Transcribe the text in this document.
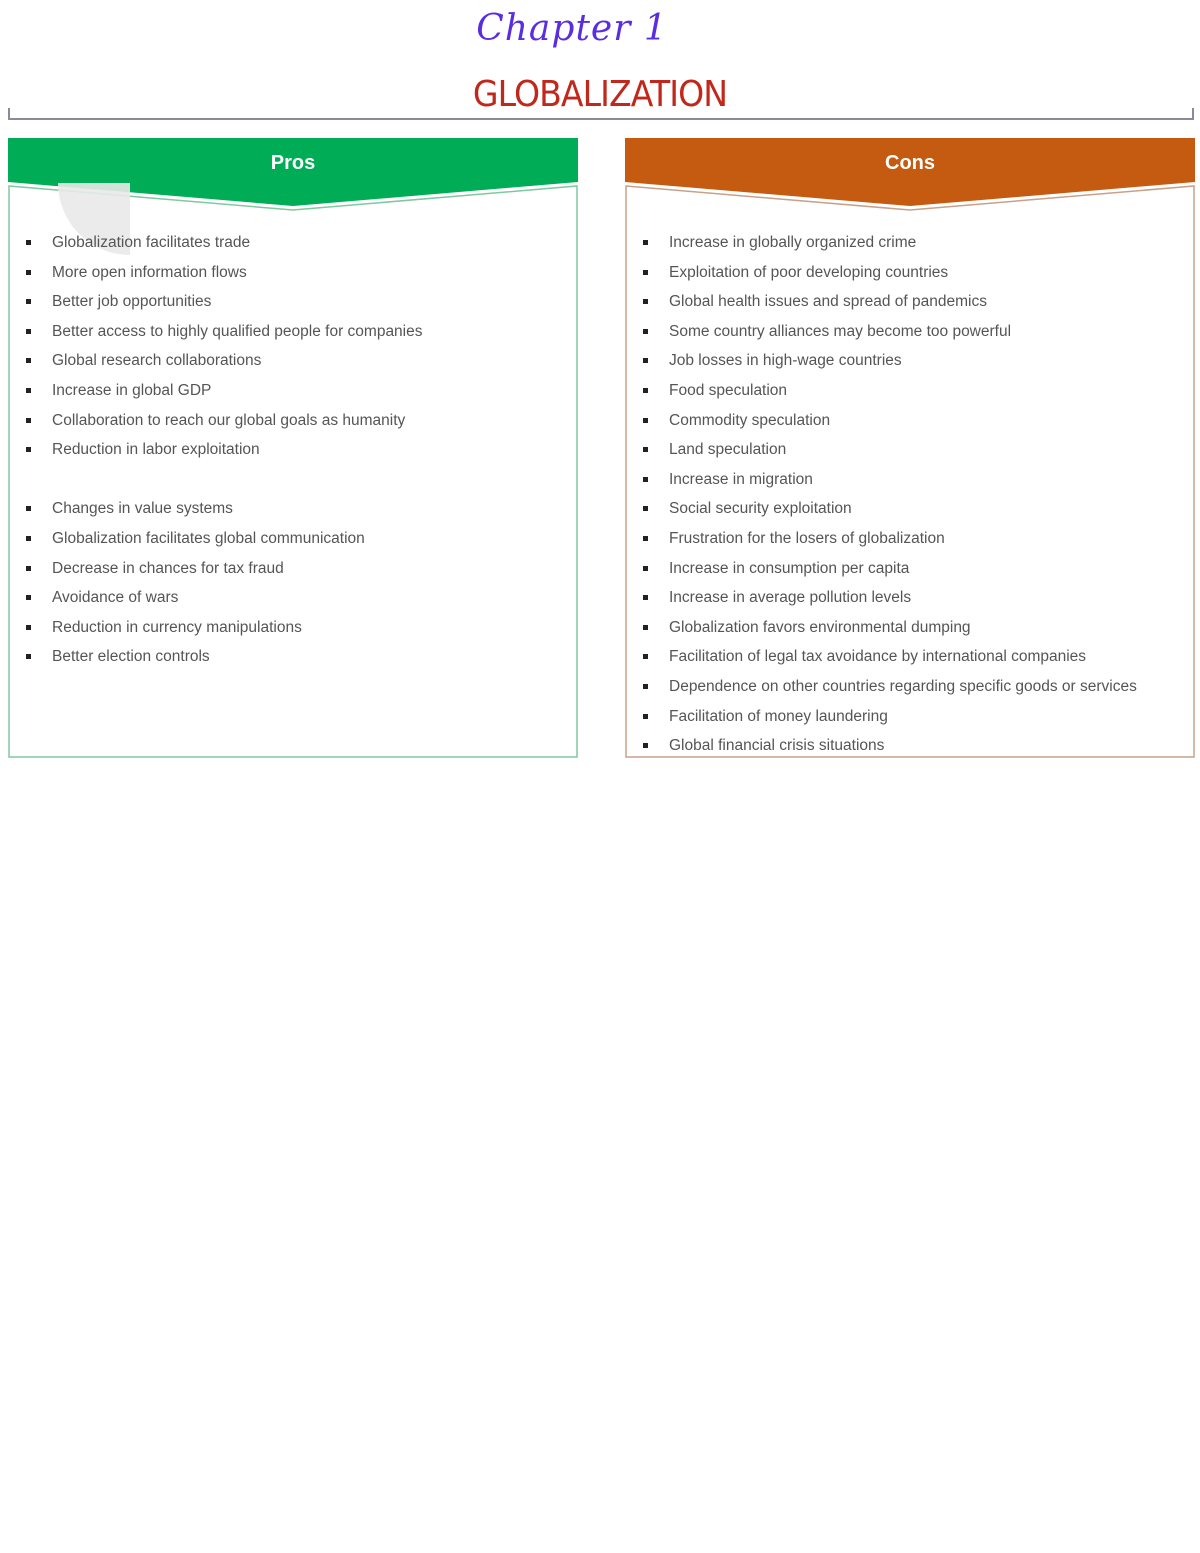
Chapter 1
GLOBALIZATION
Pros
Globalization facilitates trade
More open information flows
Better job opportunities
Better access to highly qualified people for companies
Global research collaborations
Increase in global GDP
Collaboration to reach our global goals as humanity
Reduction in labor exploitation
Changes in value systems
Globalization facilitates global communication
Decrease in chances for tax fraud
Avoidance of wars
Reduction in currency manipulations
Better election controls
Cons
Increase in globally organized crime
Exploitation of poor developing countries
Global health issues and spread of pandemics
Some country alliances may become too powerful
Job losses in high-wage countries
Food speculation
Commodity speculation
Land speculation
Increase in migration
Social security exploitation
Frustration for the losers of globalization
Increase in consumption per capita
Increase in average pollution levels
Globalization favors environmental dumping
Facilitation of legal tax avoidance by international companies
Dependence on other countries regarding specific goods or services
Facilitation of money laundering
Global financial crisis situations
